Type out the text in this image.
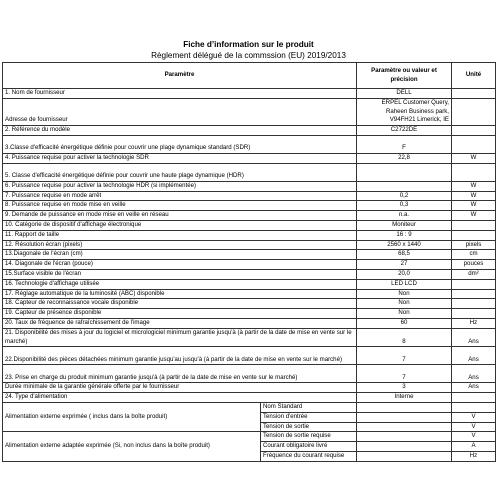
Fiche d’information sur le produit
Règlement délégué de la commssion (EU) 2019/2013
Paramètre		Paramètre ou valeur et précision	Unité
1. Nom de fournisseur		DELL	
Adresse de fournisseur		ERPEL Customer Query, Raheen Business park, V94FH21 Limerick, IE	
2. Référence du modèle		C2722DE	
3.Classe d'efficacité énergétique définie pour couvrir une plage dynamique standard (SDR)		F	
4. Puissance requise pour activer la technologie SDR		22,8	W
5. Classe d'efficacité énergétique définie pour couvrir une haute plage dynamique (HDR)			
6. Puissance requise pour activer la technologie HDR (si implémentée)			W
7. Puissance requise en mode arrêt		0,2	W
8. Puissance requise en mode mise en veille		0,3	W
9. Demande de puissance en mode mise en veille en réseau		n.a.	W
10. Catégorie de dispositif d'affichage électronique		Moniteur	
11. Rapport de taille		16 : 9	
12. Résolution écran (pixels)		2560 x 1440	pixels
13.Diagonale de l'écran (cm)		68,5	cm
14. Diagonale de l'écran (pouce)		27	pouces
15.Surface visible de l'écran		20,0	dm²
16. Technologie d'affichage utilisée		LED LCD	
17. Réglage automatique de la luminosité (ABC) disponible		Non	
18. Capteur de reconnaissance vocale disponible		Non	
19. Capteur de présence disponible		Non	
20. Taux de fréquence de rafraîchissement de l'image		60	Hz
21. Disponibilité des mises à jour du logiciel et micrologiciel minimum garantie jusqu'à (à partir de la date de mise en vente sur le marché)		8	Ans
22.Disponibilité des pièces détachées minimum garantie jusqu'au jusqu'à (à partir de la date de mise en vente sur le marché)		7	Ans
23. Prise en charge du produit minimum garantie jusqu'à (à partir de la date de mise en vente sur le marché)		7	Ans
Durée minimale de la garantie générale offerte par le fournisseur		3	Ans
24. Type d'alimentation		Interne	
Alimentation externe exprimée ( inclus dans la boîte produit)	Nom Standard		
	Tension d'entrée		V
	Tension de sortie		V
Alimentation externe adaptée exprimée (Si, non inclus dans la boîte produit)	Tension de sortie requise		V
	Courant obligatoire livré		A
	Fréquence du courant requise		Hz
